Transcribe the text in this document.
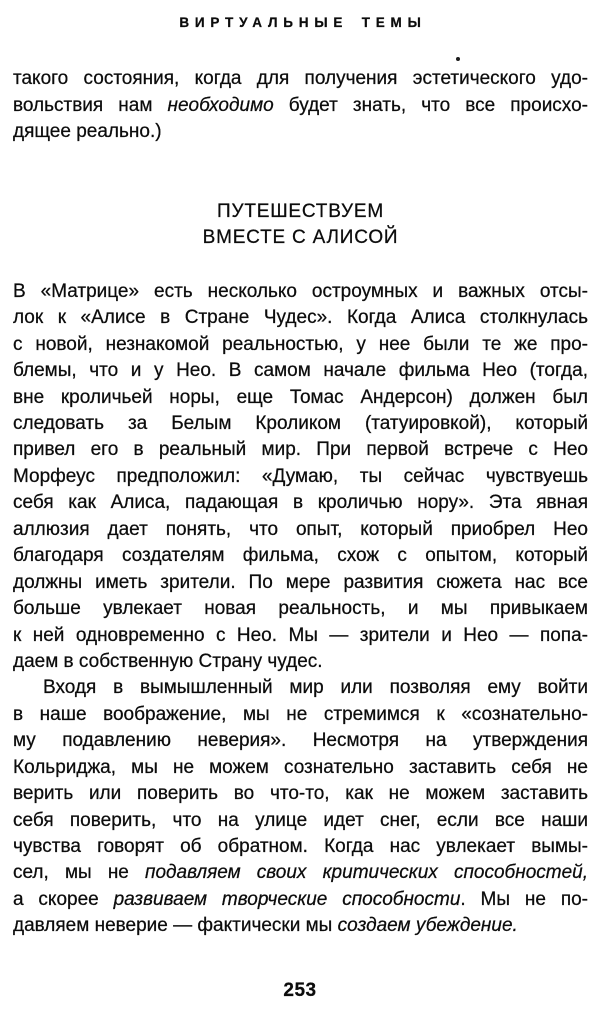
ВИРТУАЛЬНЫЕ ТЕМЫ
такого состояния, когда для получения эстетического удо-
вольствия нам необходимо будет знать, что все происхо-
дящее реально.)
ПУТЕШЕСТВУЕМ
ВМЕСТЕ С АЛИСОЙ
В «Матрице» есть несколько остроумных и важных отсы-
лок к «Алисе в Стране Чудес». Когда Алиса столкнулась
с новой, незнакомой реальностью, у нее были те же про-
блемы, что и у Нео. В самом начале фильма Нео (тогда,
вне кроличьей норы, еще Томас Андерсон) должен был
следовать за Белым Кроликом (татуировкой), который
привел его в реальный мир. При первой встрече с Нео
Морфеус предположил: «Думаю, ты сейчас чувствуешь
себя как Алиса, падающая в кроличью нору». Эта явная
аллюзия дает понять, что опыт, который приобрел Нео
благодаря создателям фильма, схож с опытом, который
должны иметь зрители. По мере развития сюжета нас все
больше увлекает новая реальность, и мы привыкаем
к ней одновременно с Нео. Мы — зрители и Нео — попа-
даем в собственную Страну чудес.
Входя в вымышленный мир или позволяя ему войти
в наше воображение, мы не стремимся к «сознательно-
му подавлению неверия». Несмотря на утверждения
Кольриджа, мы не можем сознательно заставить себя не
верить или поверить во что-то, как не можем заставить
себя поверить, что на улице идет снег, если все наши
чувства говорят об обратном. Когда нас увлекает вымы-
сел, мы не подавляем своих критических способностей,
а скорее развиваем творческие способности. Мы не по-
давляем неверие — фактически мы создаем убеждение.
253
